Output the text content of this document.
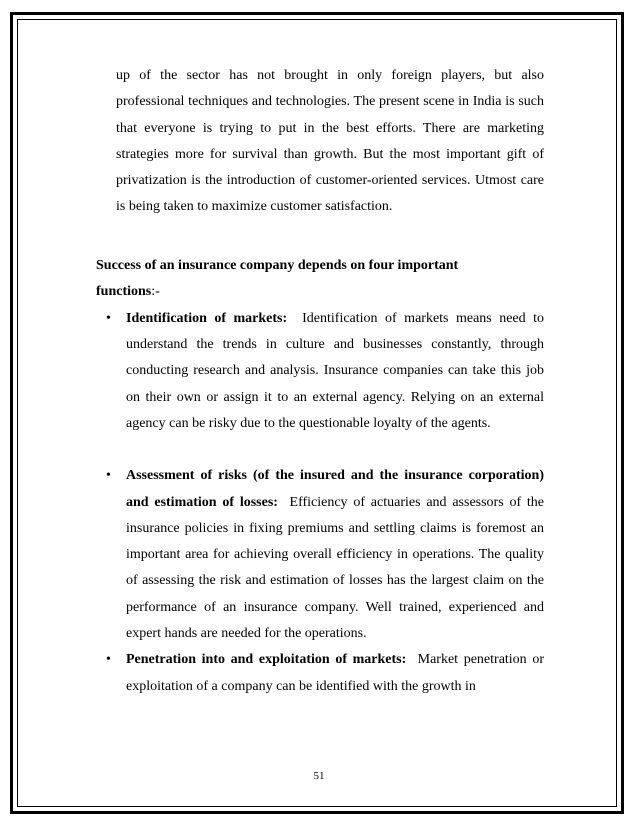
up of the sector has not brought in only foreign players, but also professional techniques and technologies. The present scene in India is such that everyone is trying to put in the best efforts. There are marketing strategies more for survival than growth. But the most important gift of privatization is the introduction of customer-oriented services. Utmost care is being taken to maximize customer satisfaction.

Success of an insurance company depends on four important
functions:-

• Identification of markets: Identification of markets means need to understand the trends in culture and businesses constantly, through conducting research and analysis. Insurance companies can take this job on their own or assign it to an external agency. Relying on an external agency can be risky due to the questionable loyalty of the agents.
• Assessment of risks (of the insured and the insurance corporation) and estimation of losses: Efficiency of actuaries and assessors of the insurance policies in fixing premiums and settling claims is foremost an important area for achieving overall efficiency in operations. The quality of assessing the risk and estimation of losses has the largest claim on the performance of an insurance company. Well trained, experienced and expert hands are needed for the operations.
• Penetration into and exploitation of markets: Market penetration or exploitation of a company can be identified with the growth in
51
